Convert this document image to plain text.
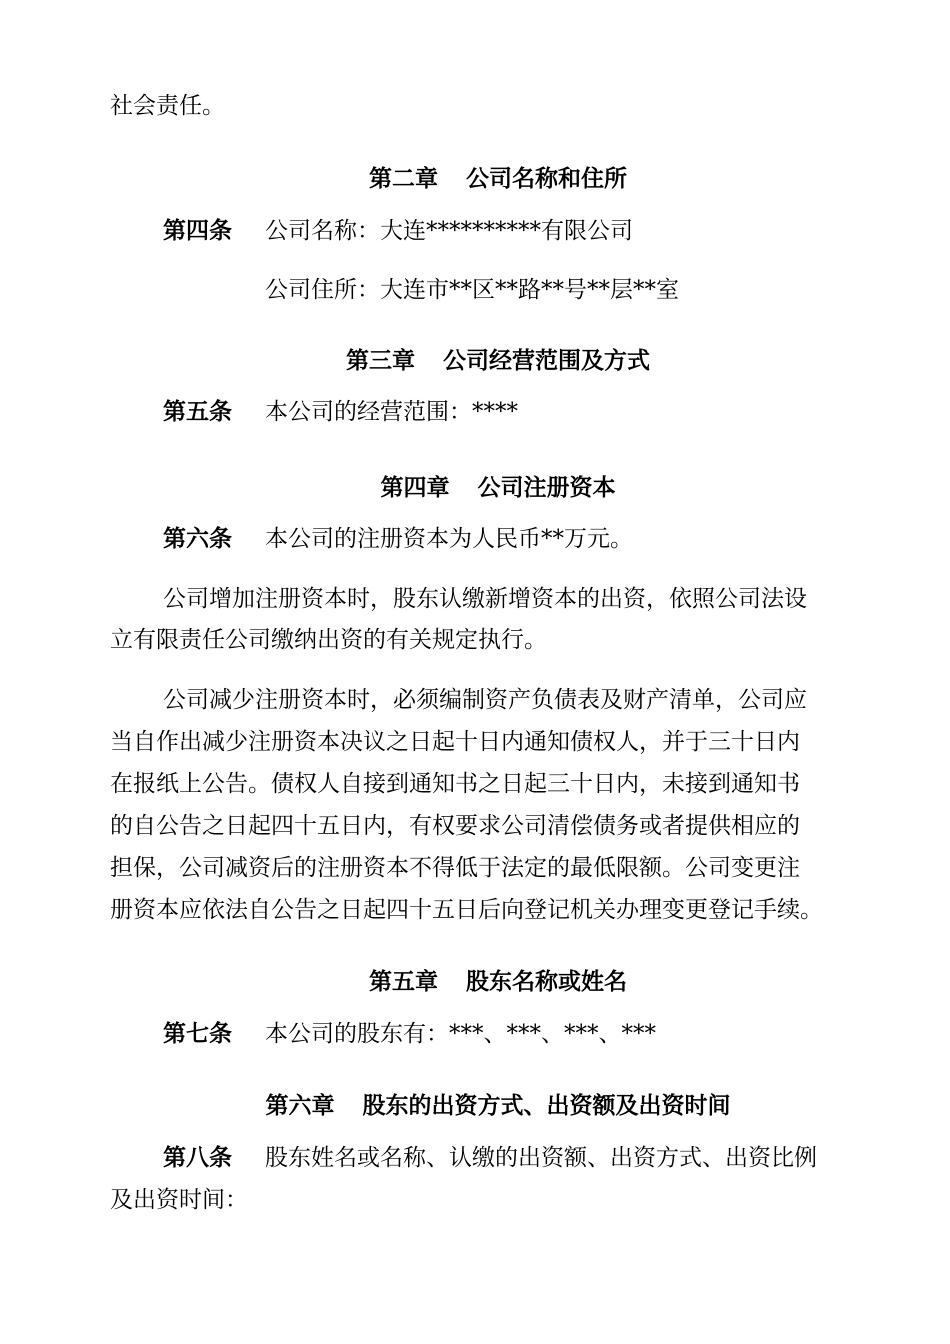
社会责任。
第二章 公司名称和住所
第四条 公司名称：大连**********有限公司
公司住所：大连市**区**路**号**层**室
第三章 公司经营范围及方式
第五条 本公司的经营范围：****
第四章 公司注册资本
第六条 本公司的注册资本为人民币**万元。
公司增加注册资本时，股东认缴新增资本的出资，依照公司法设
立有限责任公司缴纳出资的有关规定执行。
公司减少注册资本时，必须编制资产负债表及财产清单，公司应
当自作出减少注册资本决议之日起十日内通知债权人，并于三十日内
在报纸上公告。债权人自接到通知书之日起三十日内，未接到通知书
的自公告之日起四十五日内，有权要求公司清偿债务或者提供相应的
担保，公司减资后的注册资本不得低于法定的最低限额。公司变更注
册资本应依法自公告之日起四十五日后向登记机关办理变更登记手续。
第五章 股东名称或姓名
第七条 本公司的股东有：***、***、***、***
第六章 股东的出资方式、出资额及出资时间
第八条 股东姓名或名称、认缴的出资额、出资方式、出资比例
及出资时间：
